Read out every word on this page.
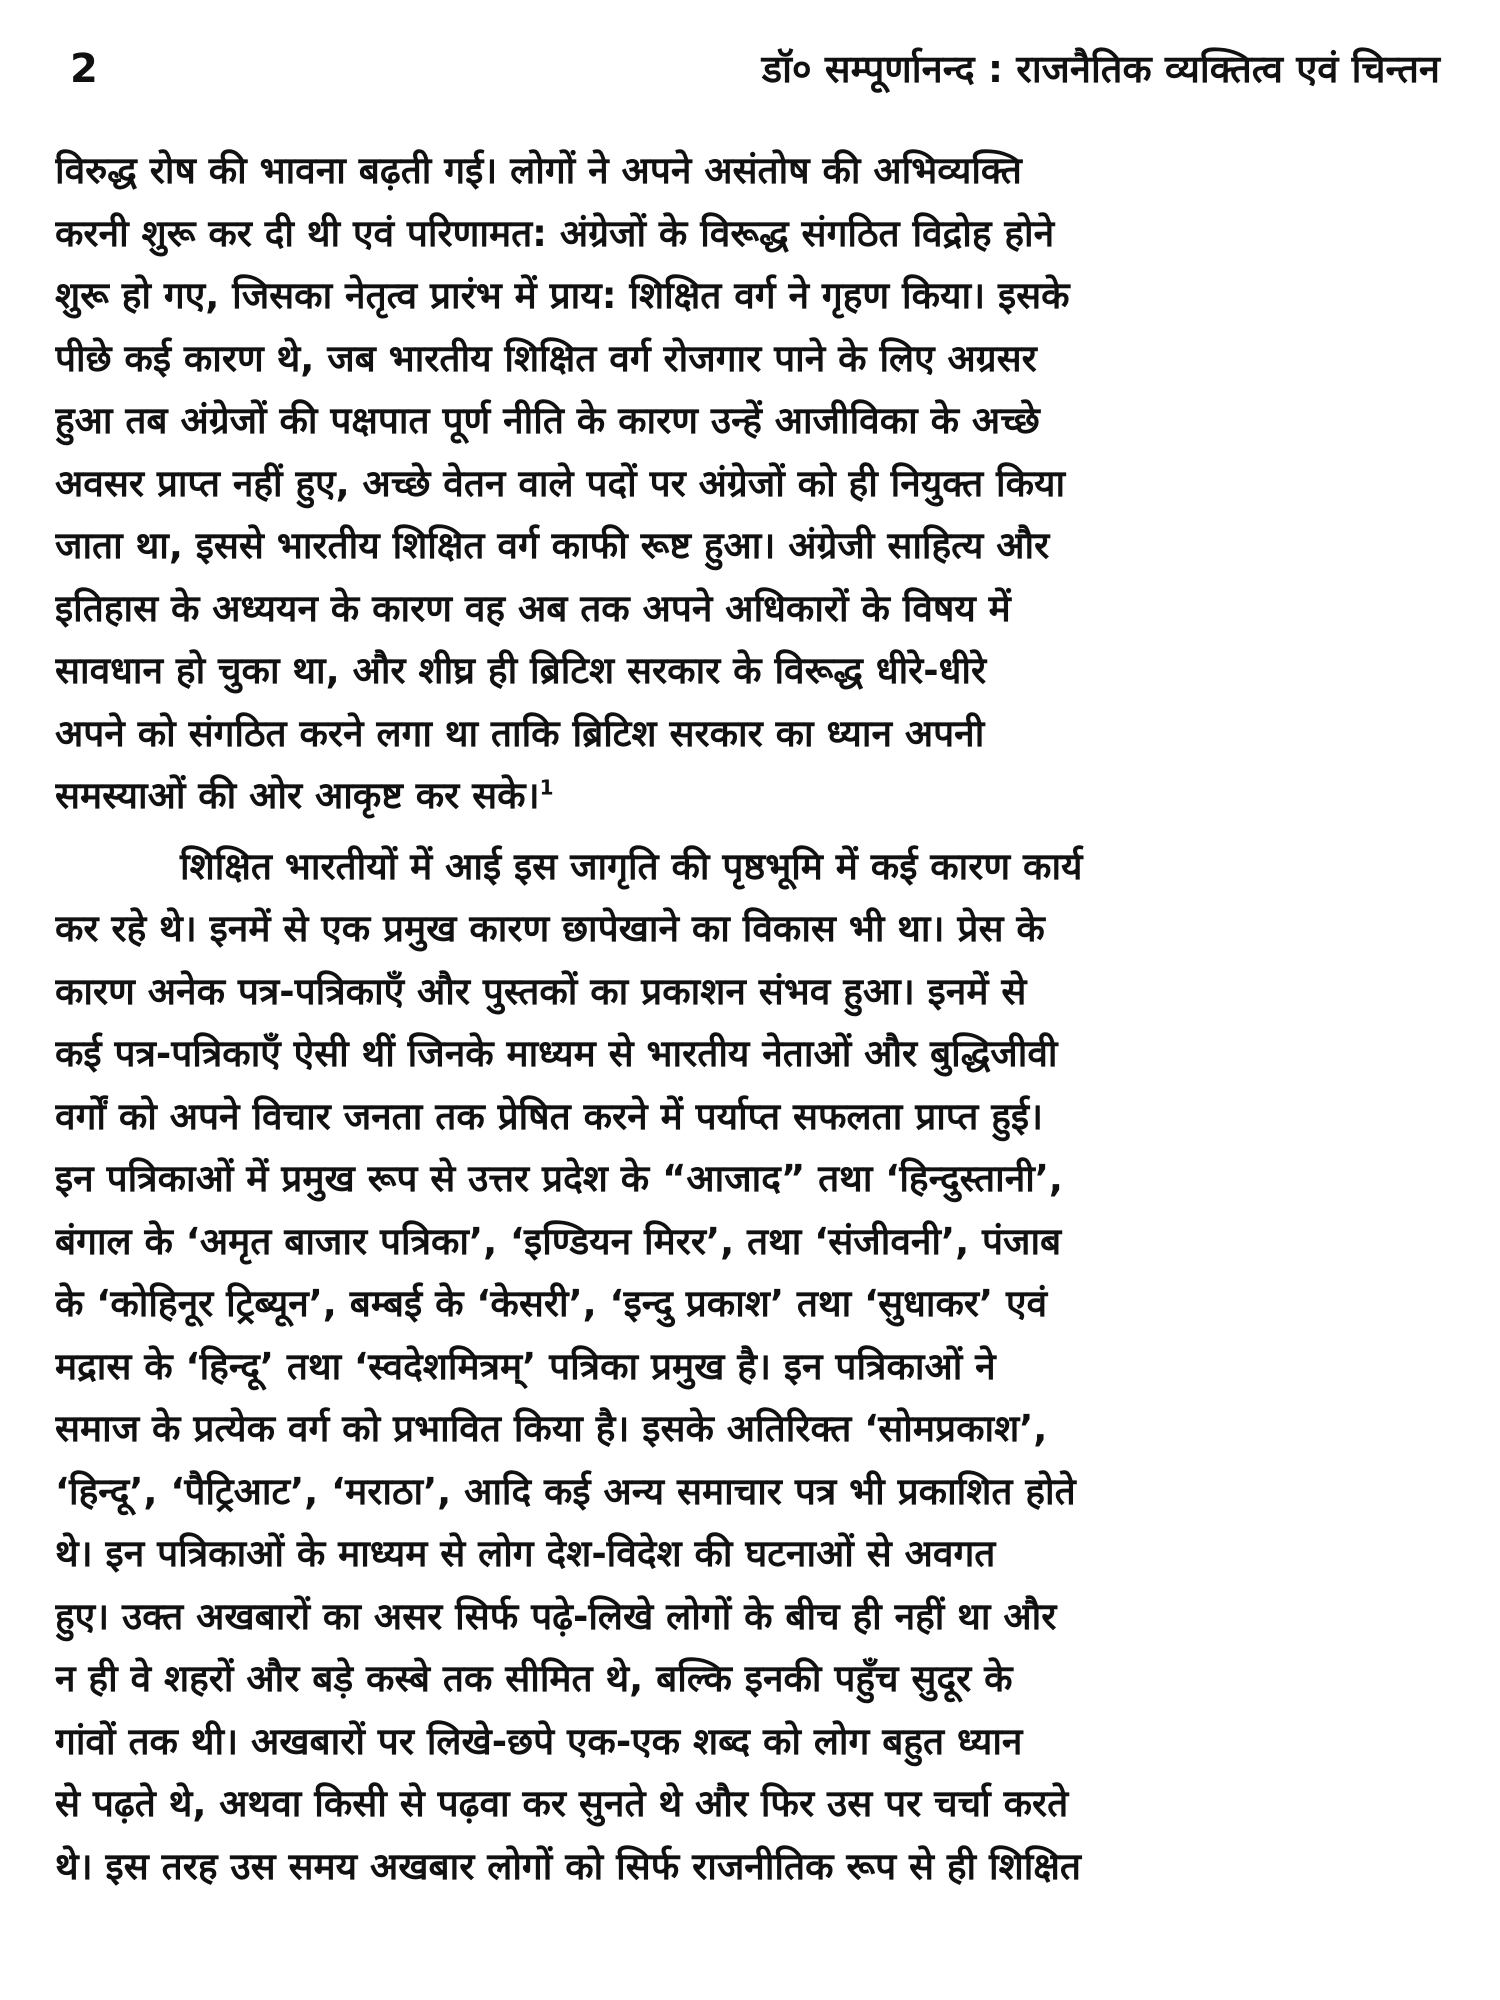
2	डॉ० सम्पूर्णानन्द : राजनैतिक व्यक्तित्व एवं चिन्तन
विरुद्ध रोष की भावना बढ़ती गई। लोगों ने अपने असंतोष की अभिव्यक्ति
करनी शुरू कर दी थी एवं परिणामत: अंग्रेजों के विरूद्ध संगठित विद्रोह होने
शुरू हो गए, जिसका नेतृत्व प्रारंभ में प्राय: शिक्षित वर्ग ने गृहण किया। इसके
पीछे कई कारण थे, जब भारतीय शिक्षित वर्ग रोजगार पाने के लिए अग्रसर
हुआ तब अंग्रेजों की पक्षपात पूर्ण नीति के कारण उन्हें आजीविका के अच्छे
अवसर प्राप्त नहीं हुए, अच्छे वेतन वाले पदों पर अंग्रेजों को ही नियुक्त किया
जाता था, इससे भारतीय शिक्षित वर्ग काफी रूष्ट हुआ। अंग्रेजी साहित्य और
इतिहास के अध्ययन के कारण वह अब तक अपने अधिकारों के विषय में
सावधान हो चुका था, और शीघ्र ही ब्रिटिश सरकार के विरूद्ध धीरे-धीरे
अपने को संगठित करने लगा था ताकि ब्रिटिश सरकार का ध्यान अपनी
समस्याओं की ओर आकृष्ट कर सके।$^1$
शिक्षित भारतीयों में आई इस जागृति की पृष्ठभूमि में कई कारण कार्य
कर रहे थे। इनमें से एक प्रमुख कारण छापेखाने का विकास भी था। प्रेस के
कारण अनेक पत्र-पत्रिकाएँ और पुस्तकों का प्रकाशन संभव हुआ। इनमें से
कई पत्र-पत्रिकाएँ ऐसी थीं जिनके माध्यम से भारतीय नेताओं और बुद्धिजीवी
वर्गों को अपने विचार जनता तक प्रेषित करने में पर्याप्त सफलता प्राप्त हुई।
इन पत्रिकाओं में प्रमुख रूप से उत्तर प्रदेश के “आजाद” तथा ‘हिन्दुस्तानी’,
बंगाल के ‘अमृत बाजार पत्रिका’, ‘इण्डियन मिरर’, तथा ‘संजीवनी’, पंजाब
के ‘कोहिनूर ट्रिब्यून’, बम्बई के ‘केसरी’, ‘इन्दु प्रकाश’ तथा ‘सुधाकर’ एवं
मद्रास के ‘हिन्दू’ तथा ‘स्वदेशमित्रम्’ पत्रिका प्रमुख है। इन पत्रिकाओं ने
समाज के प्रत्येक वर्ग को प्रभावित किया है। इसके अतिरिक्त ‘सोमप्रकाश’,
‘हिन्दू’, ‘पैट्रिआट’, ‘मराठा’, आदि कई अन्य समाचार पत्र भी प्रकाशित होते
थे। इन पत्रिकाओं के माध्यम से लोग देश-विदेश की घटनाओं से अवगत
हुए। उक्त अखबारों का असर सिर्फ पढ़े-लिखे लोगों के बीच ही नहीं था और
न ही वे शहरों और बड़े कस्बे तक सीमित थे, बल्कि इनकी पहुँच सुदूर के
गांवों तक थी। अखबारों पर लिखे-छपे एक-एक शब्द को लोग बहुत ध्यान
से पढ़ते थे, अथवा किसी से पढ़वा कर सुनते थे और फिर उस पर चर्चा करते
थे। इस तरह उस समय अखबार लोगों को सिर्फ राजनीतिक रूप से ही शिक्षित
